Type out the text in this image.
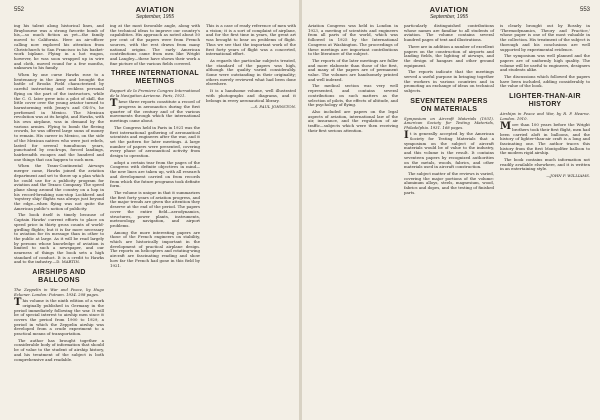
552	AVIATION
September, 1955

ing his talent along historical lines, and Braybourne was a strong favorite bomb of his,—so much fiction as yet—the family moved to California. Here an air-officer calling now explored his attention from Christchurch to San Francisco in his basket-work biplane. Flying in a hot wagon, however, he was soon wrapped up in wire and cloth, moved round for a few months, unknown to his family.

When by one curse Hawks rose to a lieutenancy in the Army and brought the battle of Brooks Field characterized by careful instructing and reckless personal flying on the part of the instructors, while the C. G. later grew into a pilot of skill, the little cover over the young aviator turned to barnstorming with Jenny's and OX-5's, he performed in Mexico. The Mexican revolution was at its height, and Hawks, with his own airplane, was in demand by the various armies. Flying to bomb the fleeing crowds, he was offered large sums of money to remain. His career in Mexico, on the side of the Mexican natives who were just rebels, lasted for several tumultuous years, punctuated by crack-ups, forced landings, hairbreadth escapes and the hundred and one things that can happen to such men.

When the Trans-Continental Airways merger came, Hawks joined the aviation department and set to throw up a plan which he could use for a publicity program for aviation and the Texaco Company. The speed plane slung around the country on a hop in his record-breaking non-stop Lockheed and 'mystery ship' flights was always just beyond the edge—when flying was not quite the American public's notion of publicity.

The book itself is timely because of Captain Hawks' current efforts to place on speed price in thirty gross counts of world-girdling flights; but it is far more necessary to aviation for its message than in other to the public at large. As it will be read largely by persons whose knowledge of aviation is limited to such a newspaper, and our nearness of things the book sets a high standard of conduct. It is a credit to Hawks and to the industry.—D. MARTIN.

AIRSHIPS AND BALLOONS

The Zeppelin in War and Peace, by Hugo Eckener. London: Putnam. 1934. 208 pages.

This volume is the ninth edition of a work originally published in Germany in the period immediately following the war. It will be of special interest to airship men since it covers the period from 1900 to 1929, a period in which the Zeppelin airship was developed from a crude experiment to a practical means of transportation.

The author has brought together a considerable body of information that should be of value to the student of airship history, and his treatment of the subject is both comprehensive and readable.

ing at the most favorable angle, along with the technical ideas to improve our country's capabilities. His approach as noted about 50 per cent of the papers were from French sources, with the rest drawn from many national origins. The early American contributions came from men like Wright and Langley—these have shown their work a fine picture of the various fields covered.

THREE INTERNATIONAL MEETINGS

Rapport de la Premiere Congres International de la Navigation Aerienne. Paris, 1921.

These three reports constitute a record of progress in aeronautics during the first quarter of the century and of the various movements through which the international meetings came about.

The Congress held in Paris in 1921 was the first international gathering of aeronautical scientists and engineers after the war, and it set the pattern for later meetings. A large number of papers were presented, covering every phase of aeronautical activity from design to operation.

adopt a certain tear from the pages of the Congress with definite objectives in mind—the new lines are taken up, with all research and development carried on from records from which the future programs took definite form.

The volume is unique in that it summarizes the first forty years of aviation progress, and the major trends are given the attention they deserve at the end of the period. The papers cover the entire field—aerodynamics, structures, power plants, instruments, meteorology, navigation, and airport problems.

Among the more interesting papers are those of the French engineers on stability, which are historically important in the development of practical airplane design. The reports on helicopters and rotating-wing aircraft are fascinating reading and show how far the French had gone in this field by 1921.

This is a case of ready reference of men with a vision; it is a sort of complaint of airplane, and for the first time in years, the great art was brought to bear on problems of flight. Thus we see that the important work of the first forty years of flight was a concerted, international effort.

As regards the particular subjects treated, the standard of the papers was high, although the quality varied considerably. Some were outstanding in their originality; others merely reviewed what had been done elsewhere.

It is a handsome volume, well illustrated with photographs and diagrams, and it belongs in every aeronautical library.

—S. PAUL JOHNSTON.

553
AVIATION
September, 1955

Aviation Congress was held in London in 1923, a meeting of scientists and engineers from all parts of the world, which was followed in 1925 by the International Congress at Washington. The proceedings of these meetings are important contributions to the literature of the subject.

The reports of the later meetings are fuller and more elaborate than those of the first, and many of the papers are of permanent value. The volumes are handsomely printed and well indexed.

The medical section was very well represented, and contains several contributions on such matters as the selection of pilots, the effects of altitude, and the psychology of flying.

Also included are papers on the legal aspects of aviation, international law of the air, insurance, and the regulation of air traffic—subjects which were then receiving their first serious attention.

particularly distinguished contributions whose names are familiar to all students of aviation. The volume contains several hundred pages of text and illustrations.

There are in addition a number of excellent papers on the construction of airports and landing fields, the lighting of airways, and the design of hangars and other ground equipment.

The reports indicate that the meetings served a useful purpose in bringing together the workers in various countries and in promoting an exchange of ideas on technical subjects.

SEVENTEEN PAPERS ON MATERIALS

Symposium on Aircraft Materials (1931). American Society for Testing Materials, Philadelphia. 1931. 168 pages.

It is generally accepted by the American Society for Testing Materials that a symposium on the subject of aircraft materials would be of value to the industry, and this volume is the result. It contains seventeen papers by recognized authorities on the metals, woods, fabrics, and other materials used in aircraft construction.

The subject matter of the reviews is varied, covering the major portions of the volume: aluminum alloys, steels, magnesium, wood, fabrics and dopes, and the testing of finished parts.

is clearly brought out by Rossby in 'Thermodynamics, Theory and Practice,' whose paper is one of the most valuable in the collection. His treatment of the subject is thorough and his conclusions are well supported by experimental evidence.

The symposium was well planned and the papers are of uniformly high quality. The volume will be useful to engineers, designers and students alike.

The discussions which followed the papers have been included, adding considerably to the value of the book.

LIGHTER-THAN-AIR HISTORY

Airships in Peace and War, by R. P. Hearne. London. 1910.

More than 100 years before the Wright brothers took their first flight, men had been carried aloft in balloons, and the history of lighter-than-air craft is a long and fascinating one. The author traces this history from the first Montgolfier balloon to the modern rigid airship.

The book contains much information not readily available elsewhere, and it is written in an entertaining style.

—JOHN P. WILLIAMS.
